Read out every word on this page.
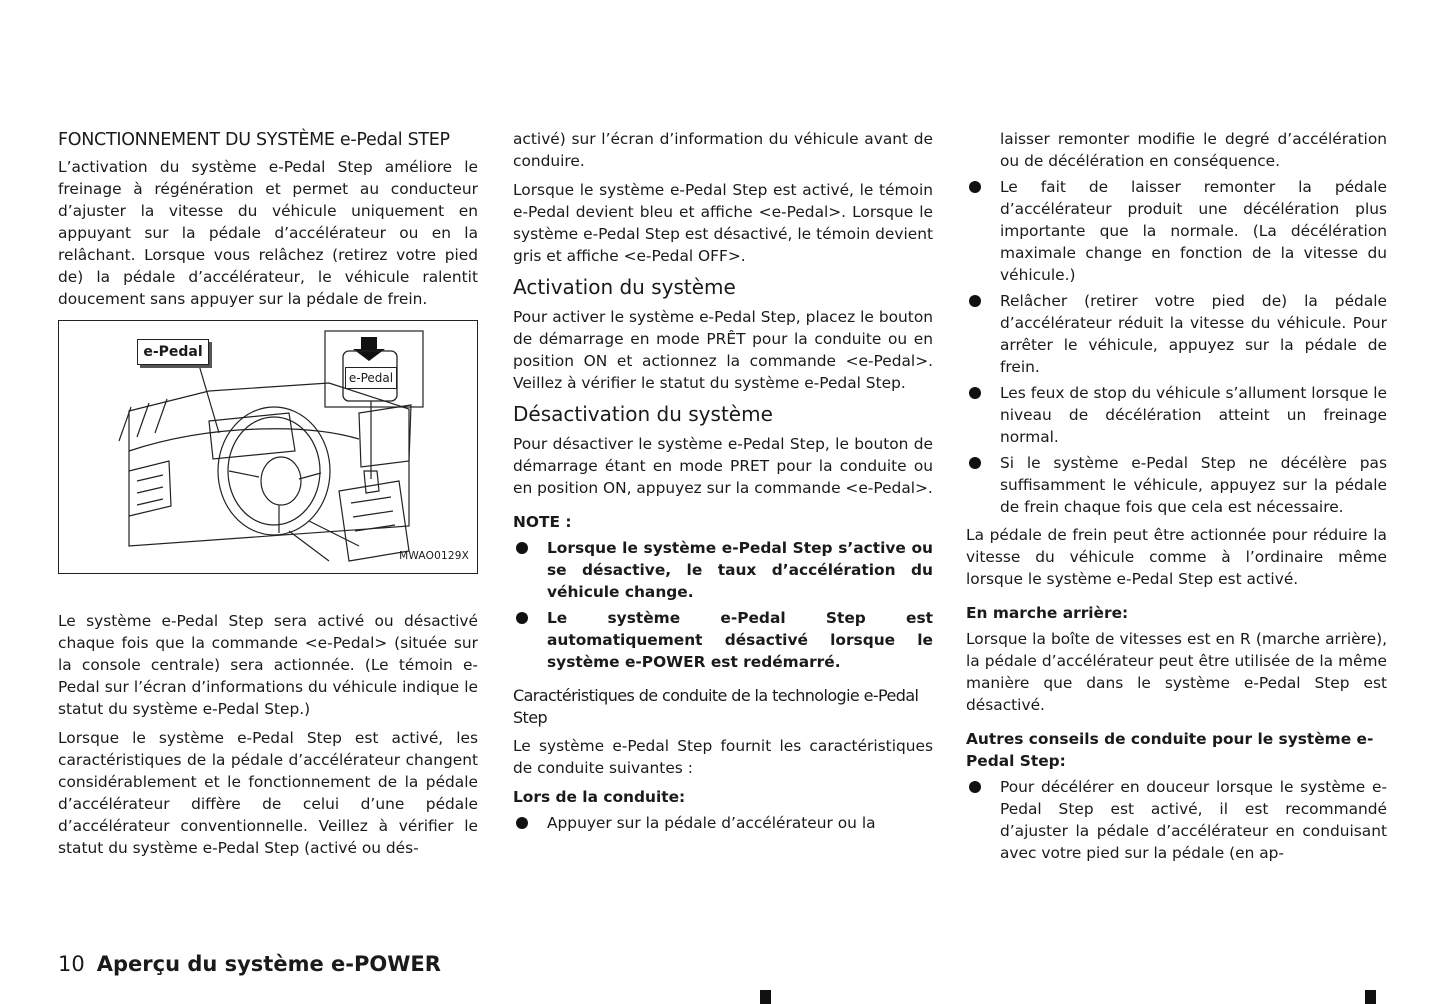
FONCTIONNEMENT DU SYSTÈME e-Pedal STEP

L’activation du système e-Pedal Step améliore le freinage à régénération et permet au conducteur d’ajuster la vitesse du véhicule uniquement en appuyant sur la pédale d’accélérateur ou en la relâchant. Lorsque vous relâchez (retirez votre pied de) la pédale d’accélérateur, le véhicule ralentit doucement sans appuyer sur la pédale de frein.

e-Pedal
e-Pedal
MWAO0129X

Le système e-Pedal Step sera activé ou désactivé chaque fois que la commande <e-Pedal> (située sur la console centrale) sera actionnée. (Le témoin e-Pedal sur l’écran d’informations du véhicule indique le statut du système e-Pedal Step.)

Lorsque le système e-Pedal Step est activé, les caractéristiques de la pédale d’accélérateur changent considérablement et le fonctionnement de la pédale d’accélérateur diffère de celui d’une pédale d’accélérateur conventionnelle. Veillez à vérifier le statut du système e-Pedal Step (activé ou dés-

activé) sur l’écran d’information du véhicule avant de conduire.

Lorsque le système e-Pedal Step est activé, le témoin e-Pedal devient bleu et affiche <e-Pedal>. Lorsque le système e-Pedal Step est désactivé, le témoin devient gris et affiche <e-Pedal OFF>.

Activation du système

Pour activer le système e-Pedal Step, placez le bouton de démarrage en mode PRÊT pour la conduite ou en position ON et actionnez la commande <e-Pedal>. Veillez à vérifier le statut du système e-Pedal Step.

Désactivation du système

Pour désactiver le système e-Pedal Step, le bouton de démarrage étant en mode PRET pour la conduite ou en position ON, appuyez sur la commande <e-Pedal>.

NOTE :
Lorsque le système e-Pedal Step s’active ou se désactive, le taux d’accélération du véhicule change.
Le système e-Pedal Step est automatiquement désactivé lorsque le système e-POWER est redémarré.
Caractéristiques de conduite de la technologie e-Pedal Step

Le système e-Pedal Step fournit les caractéristiques de conduite suivantes :

Lors de la conduite:
Appuyer sur la pédale d’accélérateur ou la
laisser remonter modifie le degré d’accélération ou de décélération en conséquence.
Le fait de laisser remonter la pédale d’accélérateur produit une décélération plus importante que la normale. (La décélération maximale change en fonction de la vitesse du véhicule.)
Relâcher (retirer votre pied de) la pédale d’accélérateur réduit la vitesse du véhicule. Pour arrêter le véhicule, appuyez sur la pédale de frein.
Les feux de stop du véhicule s’allument lorsque le niveau de décélération atteint un freinage normal.
Si le système e-Pedal Step ne décélère pas suffisamment le véhicule, appuyez sur la pédale de frein chaque fois que cela est nécessaire.

La pédale de frein peut être actionnée pour réduire la vitesse du véhicule comme à l’ordinaire même lorsque le système e-Pedal Step est activé.

En marche arrière:

Lorsque la boîte de vitesses est en R (marche arrière), la pédale d’accélérateur peut être utilisée de la même manière que dans le système e-Pedal Step est désactivé.

Autres conseils de conduite pour le système e-Pedal Step:
Pour décélérer en douceur lorsque le système e-Pedal Step est activé, il est recommandé d’ajuster la pédale d’accélérateur en conduisant avec votre pied sur la pédale (en ap-
10 Aperçu du système e-POWER
